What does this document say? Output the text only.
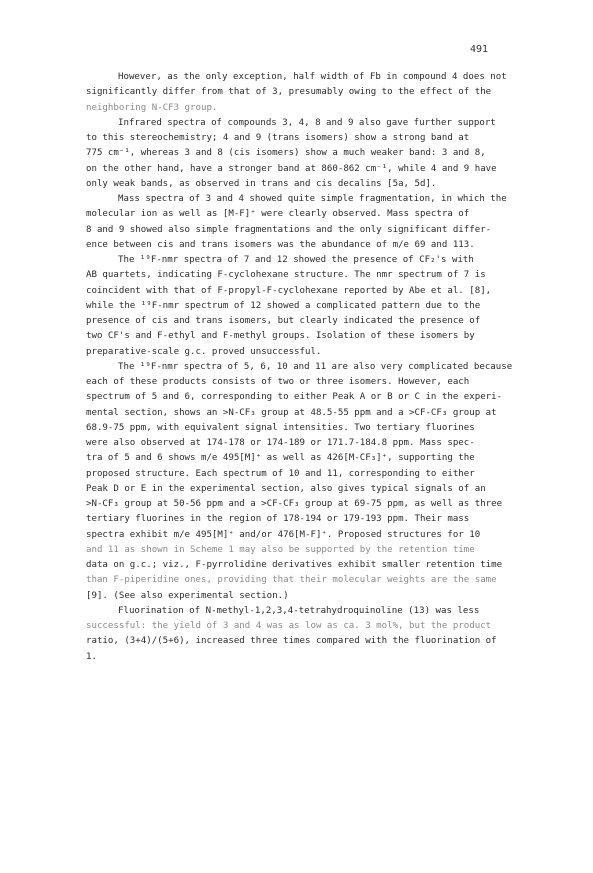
491
However, as the only exception, half width of Fb in compound 4 does not
significantly differ from that of 3, presumably owing to the effect of the
neighboring N-CF3 group.
Infrared spectra of compounds 3, 4, 8 and 9 also gave further support
to this stereochemistry; 4 and 9 (trans isomers) show a strong band at
775 cm⁻¹, whereas 3 and 8 (cis isomers) show a much weaker band: 3 and 8,
on the other hand, have a stronger band at 860-862 cm⁻¹, while 4 and 9 have
only weak bands, as observed in trans and cis decalins [5a, 5d].
Mass spectra of 3 and 4 showed quite simple fragmentation, in which the
molecular ion as well as [M-F]⁺ were clearly observed. Mass spectra of
8 and 9 showed also simple fragmentations and the only significant differ-
ence between cis and trans isomers was the abundance of m/e 69 and 113.
The ¹⁹F-nmr spectra of 7 and 12 showed the presence of CF₂'s with
AB quartets, indicating F-cyclohexane structure. The nmr spectrum of 7 is
coincident with that of F-propyl-F-cyclohexane reported by Abe et al. [8],
while the ¹⁹F-nmr spectrum of 12 showed a complicated pattern due to the
presence of cis and trans isomers, but clearly indicated the presence of
two CF's and F-ethyl and F-methyl groups. Isolation of these isomers by
preparative-scale g.c. proved unsuccessful.
The ¹⁹F-nmr spectra of 5, 6, 10 and 11 are also very complicated because
each of these products consists of two or three isomers. However, each
spectrum of 5 and 6, corresponding to either Peak A or B or C in the experi-
mental section, shows an >N-CF₃ group at 48.5-55 ppm and a >CF-CF₃ group at
68.9-75 ppm, with equivalent signal intensities. Two tertiary fluorines
were also observed at 174-178 or 174-189 or 171.7-184.8 ppm. Mass spec-
tra of 5 and 6 shows m/e 495[M]⁺ as well as 426[M-CF₃]⁺, supporting the
proposed structure. Each spectrum of 10 and 11, corresponding to either
Peak D or E in the experimental section, also gives typical signals of an
>N-CF₃ group at 50-56 ppm and a >CF-CF₃ group at 69-75 ppm, as well as three
tertiary fluorines in the region of 178-194 or 179-193 ppm. Their mass
spectra exhibit m/e 495[M]⁺ and/or 476[M-F]⁺. Proposed structures for 10
and 11 as shown in Scheme 1 may also be supported by the retention time
data on g.c.; viz., F-pyrrolidine derivatives exhibit smaller retention time
than F-piperidine ones, providing that their molecular weights are the same
[9]. (See also experimental section.)
Fluorination of N-methyl-1,2,3,4-tetrahydroquinoline (13) was less
successful: the yield of 3 and 4 was as low as ca. 3 mol%, but the product
ratio, (3+4)/(5+6), increased three times compared with the fluorination of
1.
